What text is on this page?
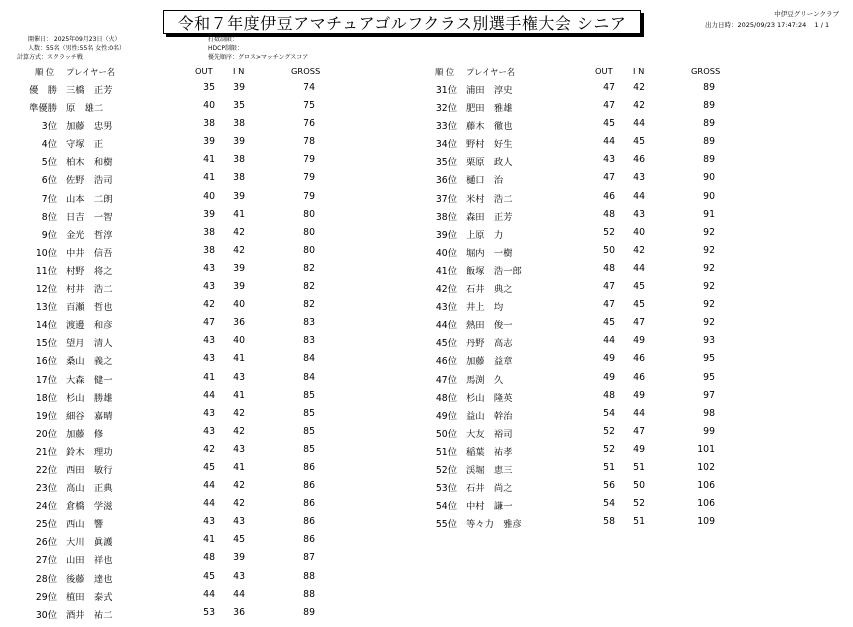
令和７年度伊豆アマチュアゴルフクラス別選手権大会 シニア	中伊豆グリーンクラブ
出力日時：2025/09/23 17:47:24 1 / 1
開催日： 2025年09月23日（火）
人数：55名（男性:55名 女性:0名）
計算方式：スクラッチ戦
打数制限：
HDCP制限：
優先順序：グロス>マッチングスコア
順 位 プレイヤー名	OUT I N	GROSS	順 位 プレイヤー名	OUT I N	GROSS
優　勝 三橋　正芳	35	39	74
準優勝 原　雄二	40	35	75
3位 加藤　忠男	38	38	76
4位 守塚　正	39	39	78
5位 柏木　和樹	41	38	79
6位 佐野　浩司	41	38	79
7位 山本　二朗	40	39	79
8位 日吉　一智	39	41	80
9位 金光　哲淳	38	42	80
10位 中井　信吾	38	42	80
11位 村野　将之	43	39	82
12位 村井　浩二	43	39	82
13位 百瀬　哲也	42	40	82
14位 渡邊　和彦	47	36	83
15位 望月　清人	43	40	83
16位 桑山　義之	43	41	84
17位 大森　健一	41	43	84
18位 杉山　勝雄	44	41	85
19位 細谷　嘉晴	43	42	85
20位 加藤　修	43	42	85
21位 鈴木　理功	42	43	85
22位 西田　敏行	45	41	86
23位 高山　正典	44	42	86
24位 倉橋　学滋	44	42	86
25位 西山　響	43	43	86
26位 大川　眞護	41	45	86
27位 山田　祥也	48	39	87
28位 後藤　達也	45	43	88
29位 植田　泰式	44	44	88
30位 酒井　祐二	53	36	89
31位 浦田　淳史	47	42	89
32位 肥田　雅雄	47	42	89
33位 藤木　徹也	45	44	89
34位 野村　好生	44	45	89
35位 栗原　政人	43	46	89
36位 樋口　治	47	43	90
37位 米村　浩二	46	44	90
38位 森田　正芳	48	43	91
39位 上原　力	52	40	92
40位 堀内　一樹	50	42	92
41位 飯塚　浩一郎	48	44	92
42位 石井　典之	47	45	92
43位 井上　均	47	45	92
44位 熱田　俊一	45	47	92
45位 丹野　高志	44	49	93
46位 加藤　益章	49	46	95
47位 馬渕　久	49	46	95
48位 杉山　隆英	48	49	97
49位 益山　幹治	54	44	98
50位 大友　裕司	52	47	99
51位 稲葉　祐孝	52	49	101
52位 渓堀　恵三	51	51	102
53位 石井　尚之	56	50	106
54位 中村　謙一	54	52	106
55位 等々力　雅彦	58	51	109
